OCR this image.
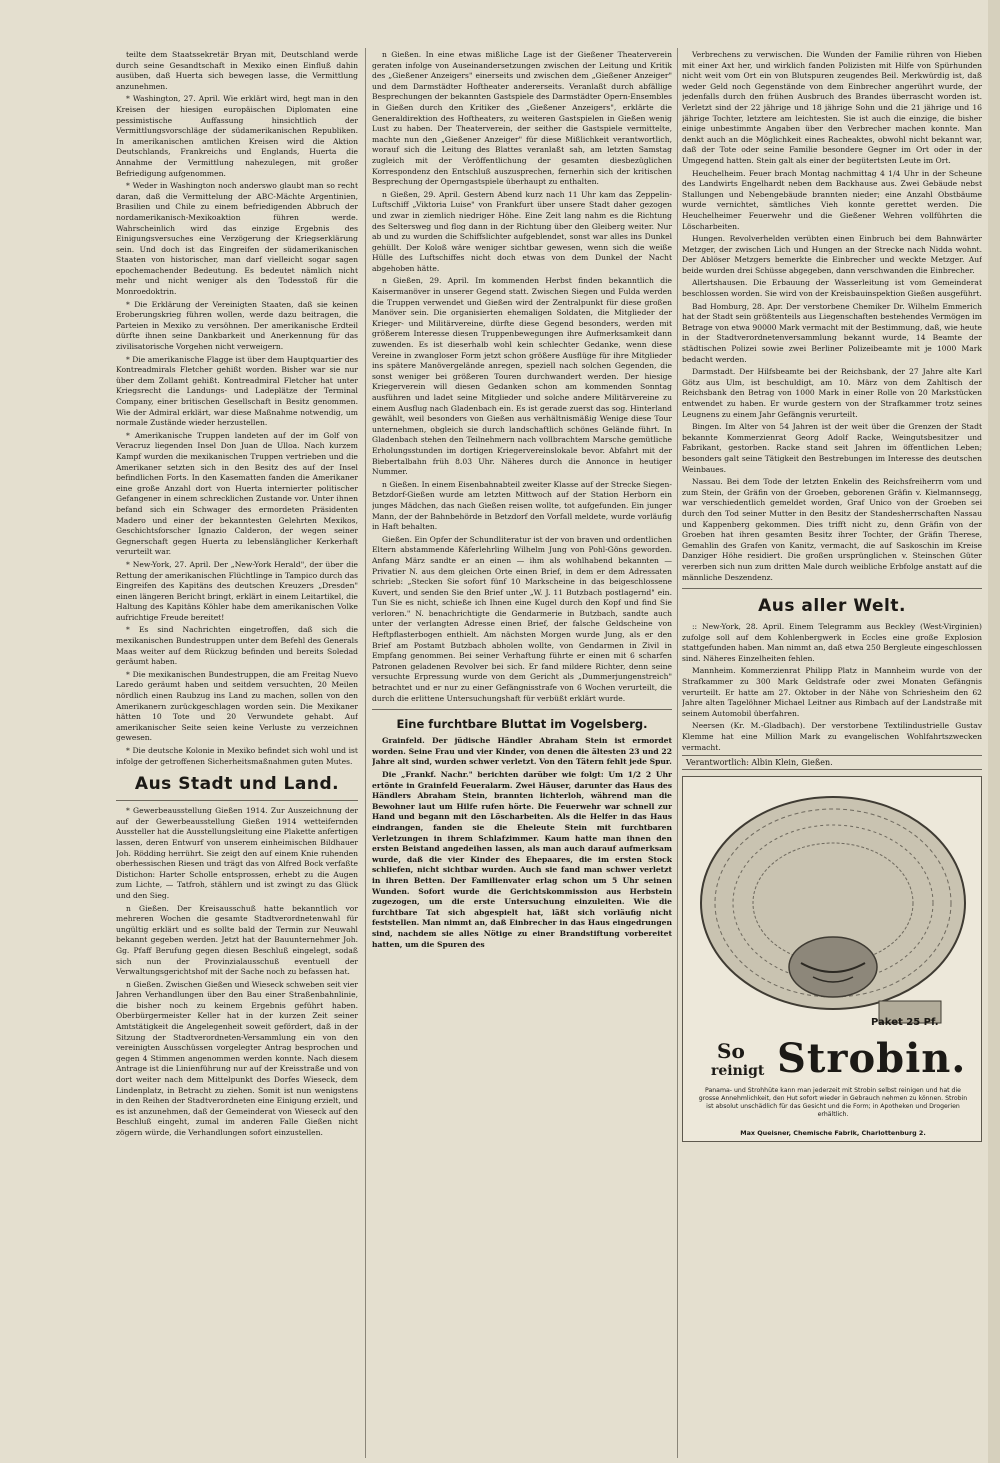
teilte dem Staatssekretär Bryan mit, Deutschland werde durch seine Gesandtschaft in Mexiko einen Einfluß dahin ausüben, daß Huerta sich bewegen lasse, die Vermittlung anzunehmen.

* Washington, 27. April. Wie erklärt wird, hegt man in den Kreisen der hiesigen europäischen Diplomaten eine pessimistische Auffassung hinsichtlich der Vermittlungsvorschläge der südamerikanischen Republiken. In amerikanischen amtlichen Kreisen wird die Aktion Deutschlands, Frankreichs und Englands, Huerta die Annahme der Vermittlung nahezulegen, mit großer Befriedigung aufgenommen.

* Weder in Washington noch anderswo glaubt man so recht daran, daß die Vermittelung der ABC-Mächte Argentinien, Brasilien und Chile zu einem befriedigenden Abbruch der nordamerikanisch-Mexikoaktion führen werde. Wahrscheinlich wird das einzige Ergebnis des Einigungsversuches eine Verzögerung der Kriegserklärung sein. Und doch ist das Eingreifen der südamerikanischen Staaten von historischer, man darf vielleicht sogar sagen epochemachender Bedeutung. Es bedeutet nämlich nicht mehr und nicht weniger als den Todesstoß für die Monroedoktrin.

* Die Erklärung der Vereinigten Staaten, daß sie keinen Eroberungskrieg führen wollen, werde dazu beitragen, die Parteien in Mexiko zu versöhnen. Der amerikanische Erdteil dürfte ihnen seine Dankbarkeit und Anerkennung für das zivilisatorische Vorgehen nicht verweigern.

* Die amerikanische Flagge ist über dem Hauptquartier des Kontreadmirals Fletcher gehißt worden. Bisher war sie nur über dem Zollamt gehißt. Kontreadmiral Fletcher hat unter Kriegsrecht die Landungs- und Ladeplätze der Terminal Company, einer britischen Gesellschaft in Besitz genommen. Wie der Admiral erklärt, war diese Maßnahme notwendig, um normale Zustände wieder herzustellen.

* Amerikanische Truppen landeten auf der im Golf von Veracruz liegenden Insel Don Juan de Ulloa. Nach kurzem Kampf wurden die mexikanischen Truppen vertrieben und die Amerikaner setzten sich in den Besitz des auf der Insel befindlichen Forts. In den Kasematten fanden die Amerikaner eine große Anzahl dort von Huerta internierter politischer Gefangener in einem schrecklichen Zustande vor. Unter ihnen befand sich ein Schwager des ermordeten Präsidenten Madero und einer der bekanntesten Gelehrten Mexikos, Geschichtsforscher Ignazio Calderon, der wegen seiner Gegnerschaft gegen Huerta zu lebenslänglicher Kerkerhaft verurteilt war.

* New-York, 27. April. Der „New-York Herald", der über die Rettung der amerikanischen Flüchtlinge in Tampico durch das Eingreifen des Kapitäns des deutschen Kreuzers „Dresden" einen längeren Bericht bringt, erklärt in einem Leitartikel, die Haltung des Kapitäns Köhler habe dem amerikanischen Volke aufrichtige Freude bereitet!

* Es sind Nachrichten eingetroffen, daß sich die mexikanischen Bundestruppen unter dem Befehl des Generals Maas weiter auf dem Rückzug befinden und bereits Soledad geräumt haben.

* Die mexikanischen Bundestruppen, die am Freitag Nuevo Laredo geräumt haben und seitdem versuchten, 20 Meilen nördlich einen Raubzug ins Land zu machen, sollen von den Amerikanern zurückgeschlagen worden sein. Die Mexikaner hätten 10 Tote und 20 Verwundete gehabt. Auf amerikanischer Seite seien keine Verluste zu verzeichnen gewesen.

* Die deutsche Kolonie in Mexiko befindet sich wohl und ist infolge der getroffenen Sicherheitsmaßnahmen guten Mutes.

Aus Stadt und Land.

* Gewerbeausstellung Gießen 1914. Zur Auszeichnung der auf der Gewerbeausstellung Gießen 1914 wetteifernden Aussteller hat die Ausstellungsleitung eine Plakette anfertigen lassen, deren Entwurf von unserem einheimischen Bildhauer Joh. Rödding herrührt. Sie zeigt den auf einem Knie ruhenden oberhessischen Riesen und trägt das von Alfred Bock verfaßte Distichon: Harter Scholle entsprossen, erhebt zu die Augen zum Lichte, — Tatfroh, stählern und ist zwingt zu das Glück und den Sieg.

n Gießen. Der Kreisausschuß hatte bekanntlich vor mehreren Wochen die gesamte Stadtverordnetenwahl für ungültig erklärt und es sollte bald der Termin zur Neuwahl bekannt gegeben werden. Jetzt hat der Bauunternehmer Joh. Gg. Pfaff Berufung gegen diesen Beschluß eingelegt, sodaß sich nun der Provinzialausschuß eventuell der Verwaltungsgerichtshof mit der Sache noch zu befassen hat.

n Gießen. Zwischen Gießen und Wieseck schweben seit vier Jahren Verhandlungen über den Bau einer Straßenbahnlinie, die bisher noch zu keinem Ergebnis geführt haben. Oberbürgermeister Keller hat in der kurzen Zeit seiner Amtstätigkeit die Angelegenheit soweit gefördert, daß in der Sitzung der Stadtverordneten-Versammlung ein von den vereinigten Ausschüssen vorgelegter Antrag besprochen und gegen 4 Stimmen angenommen werden konnte. Nach diesem Antrage ist die Linienführung nur auf der Kreisstraße und von dort weiter nach dem Mittelpunkt des Dorfes Wieseck, dem Lindenplatz, in Betracht zu ziehen. Somit ist nun wenigstens in den Reihen der Stadtverordneten eine Einigung erzielt, und es ist anzunehmen, daß der Gemeinderat von Wieseck auf den Beschluß eingeht, zumal im anderen Falle Gießen nicht zögern würde, die Verhandlungen sofort einzustellen.

n Gießen. In eine etwas mißliche Lage ist der Gießener Theaterverein geraten infolge von Auseinandersetzungen zwischen der Leitung und Kritik des „Gießener Anzeigers" einerseits und zwischen dem „Gießener Anzeiger" und dem Darmstädter Hoftheater andererseits. Veranlaßt durch abfällige Besprechungen der bekannten Gastspiele des Darmstädter Opern-Ensembles in Gießen durch den Kritiker des „Gießener Anzeigers", erklärte die Generaldirektion des Hoftheaters, zu weiteren Gastspielen in Gießen wenig Lust zu haben. Der Theaterverein, der seither die Gastspiele vermittelte, machte nun den „Gießener Anzeiger" für diese Mißlichkeit verantwortlich, worauf sich die Leitung des Blattes veranlaßt sah, am letzten Samstag zugleich mit der Veröffentlichung der gesamten diesbezüglichen Korrespondenz den Entschluß auszusprechen, fernerhin sich der kritischen Besprechung der Operngastspiele überhaupt zu enthalten.

n Gießen, 29. April. Gestern Abend kurz nach 11 Uhr kam das Zeppelin-Luftschiff „Viktoria Luise" von Frankfurt über unsere Stadt daher gezogen und zwar in ziemlich niedriger Höhe. Eine Zeit lang nahm es die Richtung des Seltersweg und flog dann in der Richtung über den Gleiberg weiter. Nur ab und zu wurden die Schiffslichter aufgeblendet, sonst war alles ins Dunkel gehüllt. Der Koloß wäre weniger sichtbar gewesen, wenn sich die weiße Hülle des Luftschiffes nicht doch etwas von dem Dunkel der Nacht abgehoben hätte.

n Gießen, 29. April. Im kommenden Herbst finden bekanntlich die Kaisermanöver in unserer Gegend statt. Zwischen Siegen und Fulda werden die Truppen verwendet und Gießen wird der Zentralpunkt für diese großen Manöver sein. Die organisierten ehemaligen Soldaten, die Mitglieder der Krieger- und Militärvereine, dürfte diese Gegend besonders, werden mit größerem Interesse diesen Truppenbewegungen ihre Aufmerksamkeit dann zuwenden. Es ist dieserhalb wohl kein schlechter Gedanke, wenn diese Vereine in zwangloser Form jetzt schon größere Ausflüge für ihre Mitglieder ins spätere Manövergelände anregen, speziell nach solchen Gegenden, die sonst weniger bei größeren Touren durchwandert werden. Der hiesige Kriegerverein will diesen Gedanken schon am kommenden Sonntag ausführen und ladet seine Mitglieder und solche andere Militärvereine zu einem Ausflug nach Gladenbach ein. Es ist gerade zuerst das sog. Hinterland gewählt, weil besonders von Gießen aus verhältnismäßig Wenige diese Tour unternehmen, obgleich sie durch landschaftlich schönes Gelände führt. In Gladenbach stehen den Teilnehmern nach vollbrachtem Marsche gemütliche Erholungsstunden im dortigen Kriegervereinslokale bevor. Abfahrt mit der Biebertalbahn früh 8.03 Uhr. Näheres durch die Annonce in heutiger Nummer.

n Gießen. In einem Eisenbahnabteil zweiter Klasse auf der Strecke Siegen-Betzdorf-Gießen wurde am letzten Mittwoch auf der Station Herborn ein junges Mädchen, das nach Gießen reisen wollte, tot aufgefunden. Ein junger Mann, der der Bahnbehörde in Betzdorf den Vorfall meldete, wurde vorläufig in Haft behalten.

Gießen. Ein Opfer der Schundliteratur ist der von braven und ordentlichen Eltern abstammende Käferlehrling Wilhelm Jung von Pohl-Göns geworden. Anfang März sandte er an einen — ihm als wohlhabend bekannten — Privatier N. aus dem gleichen Orte einen Brief, in dem er dem Adressaten schrieb: „Stecken Sie sofort fünf 10 Markscheine in das beigeschlossene Kuvert, und senden Sie den Brief unter „W. J. 11 Butzbach postlagernd" ein. Tun Sie es nicht, schieße ich Ihnen eine Kugel durch den Kopf und find Sie verloren." N. benachrichtigte die Gendarmerie in Butzbach, sandte auch unter der verlangten Adresse einen Brief, der falsche Geldscheine von Heftpflasterbogen enthielt. Am nächsten Morgen wurde Jung, als er den Brief am Postamt Butzbach abholen wollte, von Gendarmen in Zivil in Empfang genommen. Bei seiner Verhaftung führte er einen mit 6 scharfen Patronen geladenen Revolver bei sich. Er fand mildere Richter, denn seine versuchte Erpressung wurde von dem Gericht als „Dummerjungenstreich" betrachtet und er nur zu einer Gefängnisstrafe von 6 Wochen verurteilt, die durch die erlittene Untersuchungshaft für verbüßt erklärt wurde.

Eine furchtbare Bluttat im Vogelsberg.

Grainfeld. Der jüdische Händler Abraham Stein ist ermordet worden. Seine Frau und vier Kinder, von denen die ältesten 23 und 22 Jahre alt sind, wurden schwer verletzt. Von den Tätern fehlt jede Spur.

Die „Frankf. Nachr." berichten darüber wie folgt: Um 1/2 2 Uhr ertönte in Grainfeld Feueralarm. Zwei Häuser, darunter das Haus des Händlers Abraham Stein, brannten lichterloh, während man die Bewohner laut um Hilfe rufen hörte. Die Feuerwehr war schnell zur Hand und begann mit den Löscharbeiten. Als die Helfer in das Haus eindrangen, fanden sie die Eheleute Stein mit furchtbaren Verletzungen in ihrem Schlafzimmer. Kaum hatte man ihnen den ersten Beistand angedeihen lassen, als man auch darauf aufmerksam wurde, daß die vier Kinder des Ehepaares, die im ersten Stock schliefen, nicht sichtbar wurden. Auch sie fand man schwer verletzt in ihren Betten. Der Familienvater erlag schon um 5 Uhr seinen Wunden. Sofort wurde die Gerichtskommission aus Herbstein zugezogen, um die erste Untersuchung einzuleiten. Wie die furchtbare Tat sich abgespielt hat, läßt sich vorläufig nicht feststellen. Man nimmt an, daß Einbrecher in das Haus eingedrungen sind, nachdem sie alles Nötige zu einer Brandstiftung vorbereitet hatten, um die Spuren des

Verbrechens zu verwischen. Die Wunden der Familie rühren von Hieben mit einer Axt her, und wirklich fanden Polizisten mit Hilfe von Spürhunden nicht weit vom Ort ein von Blutspuren zeugendes Beil. Merkwürdig ist, daß weder Geld noch Gegenstände von dem Einbrecher angerührt wurde, der jedenfalls durch den frühen Ausbruch des Brandes überrascht worden ist. Verletzt sind der 22 jährige und 18 jährige Sohn und die 21 jährige und 16 jährige Tochter, letztere am leichtesten. Sie ist auch die einzige, die bisher einige unbestimmte Angaben über den Verbrecher machen konnte. Man denkt auch an die Möglichkeit eines Racheaktes, obwohl nicht bekannt war, daß der Tote oder seine Familie besondere Gegner im Ort oder in der Umgegend hatten. Stein galt als einer der begütertsten Leute im Ort.

Heuchelheim. Feuer brach Montag nachmittag 4 1/4 Uhr in der Scheune des Landwirts Engelhardt neben dem Backhause aus. Zwei Gebäude nebst Stallungen und Nebengebäude brannten nieder; eine Anzahl Obstbäume wurde vernichtet, sämtliches Vieh konnte gerettet werden. Die Heuchelheimer Feuerwehr und die Gießener Wehren vollführten die Löscharbeiten.

Hungen. Revolverhelden verübten einen Einbruch bei dem Bahnwärter Metzger, der zwischen Lich und Hungen an der Strecke nach Nidda wohnt. Der Ablöser Metzgers bemerkte die Einbrecher und weckte Metzger. Auf beide wurden drei Schüsse abgegeben, dann verschwanden die Einbrecher.

Allertshausen. Die Erbauung der Wasserleitung ist vom Gemeinderat beschlossen worden. Sie wird von der Kreisbauinspektion Gießen ausgeführt.

Bad Homburg, 28. Apr. Der verstorbene Chemiker Dr. Wilhelm Emmerich hat der Stadt sein größtenteils aus Liegenschaften bestehendes Vermögen im Betrage von etwa 90000 Mark vermacht mit der Bestimmung, daß, wie heute in der Stadtverordnetenversammlung bekannt wurde, 14 Beamte der städtischen Polizei sowie zwei Berliner Polizeibeamte mit je 1000 Mark bedacht werden.

Darmstadt. Der Hilfsbeamte bei der Reichsbank, der 27 Jahre alte Karl Götz aus Ulm, ist beschuldigt, am 10. März von dem Zahltisch der Reichsbank den Betrag von 1000 Mark in einer Rolle von 20 Markstücken entwendet zu haben. Er wurde gestern von der Strafkammer trotz seines Leugnens zu einem Jahr Gefängnis verurteilt.

Bingen. Im Alter von 54 Jahren ist der weit über die Grenzen der Stadt bekannte Kommerzienrat Georg Adolf Racke, Weingutsbesitzer und Fabrikant, gestorben. Racke stand seit Jahren im öffentlichen Leben; besonders galt seine Tätigkeit den Bestrebungen im Interesse des deutschen Weinbaues.

Nassau. Bei dem Tode der letzten Enkelin des Reichsfreiherrn vom und zum Stein, der Gräfin von der Groeben, geborenen Gräfin v. Kielmannsegg, war verschiedentlich gemeldet worden, Graf Unico von der Groeben sei durch den Tod seiner Mutter in den Besitz der Standesherrschaften Nassau und Kappenberg gekommen. Dies trifft nicht zu, denn Gräfin von der Groeben hat ihren gesamten Besitz ihrer Tochter, der Gräfin Therese, Gemahlin des Grafen von Kanitz, vermacht, die auf Saskoschin im Kreise Danziger Höhe residiert. Die großen ursprünglichen v. Steinschen Güter vererben sich nun zum dritten Male durch weibliche Erbfolge anstatt auf die männliche Deszendenz.

Aus aller Welt.

:: New-York, 28. April. Einem Telegramm aus Beckley (West-Virginien) zufolge soll auf dem Kohlenbergwerk in Eccles eine große Explosion stattgefunden haben. Man nimmt an, daß etwa 250 Bergleute eingeschlossen sind. Näheres Einzelheiten fehlen.

Mannheim. Kommerzienrat Philipp Platz in Mannheim wurde von der Strafkammer zu 300 Mark Geldstrafe oder zwei Monaten Gefängnis verurteilt. Er hatte am 27. Oktober in der Nähe von Schriesheim den 62 Jahre alten Tagelöhner Michael Leitner aus Rimbach auf der Landstraße mit seinem Automobil überfahren.

Neersen (Kr. M.-Gladbach). Der verstorbene Textilindustrielle Gustav Klemme hat eine Million Mark zu evangelischen Wohlfahrtszwecken vermacht.

Verantwortlich: Albin Klein, Gießen.
Paket 25 Pf.
So
reinigt Strobin.
Panama- und Strohhüte kann man jederzeit mit Strobin selbst reinigen und hat die grosse Annehmlichkeit, den Hut sofort wieder in Gebrauch nehmen zu können. Strobin ist absolut unschädlich für das Gesicht und die Form; in Apotheken und Drogerien erhältlich.
Max Queisner, Chemische Fabrik, Charlottenburg 2.
